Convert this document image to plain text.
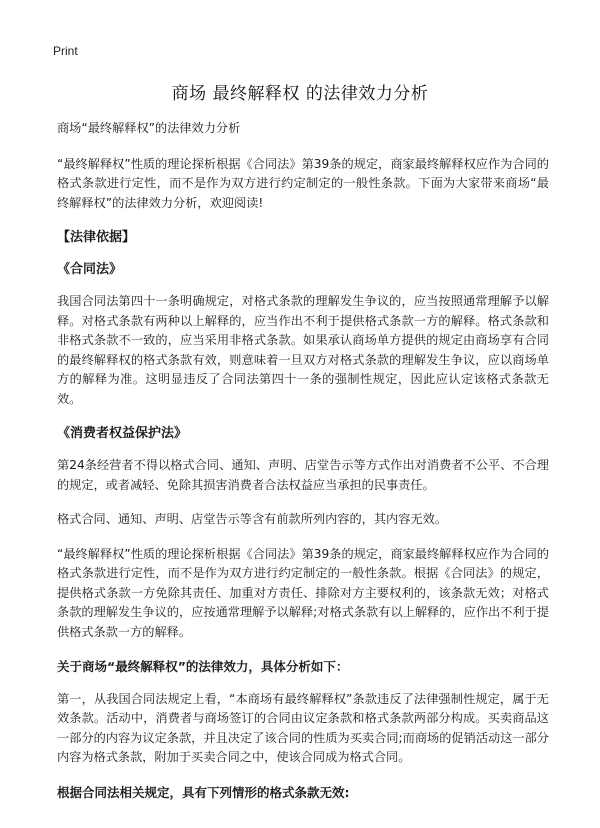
Print
商场 最终解释权 的法律效力分析

商场“最终解释权”的法律效力分析

“最终解释权”性质的理论探析根据《合同法》第39条的规定，商家最终解释权应作为合同的格式条款进行定性，而不是作为双方进行约定制定的一般性条款。下面为大家带来商场“最终解释权”的法律效力分析，欢迎阅读!

【法律依据】
《合同法》

我国合同法第四十一条明确规定，对格式条款的理解发生争议的，应当按照通常理解予以解释。对格式条款有两种以上解释的，应当作出不利于提供格式条款一方的解释。格式条款和非格式条款不一致的，应当采用非格式条款。如果承认商场单方提供的规定由商场享有合同的最终解释权的格式条款有效，则意味着一旦双方对格式条款的理解发生争议，应以商场单方的解释为准。这明显违反了合同法第四十一条的强制性规定，因此应认定该格式条款无效。

《消费者权益保护法》

第24条经营者不得以格式合同、通知、声明、店堂告示等方式作出对消费者不公平、不合理的规定，或者减轻、免除其损害消费者合法权益应当承担的民事责任。

格式合同、通知、声明、店堂告示等含有前款所列内容的，其内容无效。

“最终解释权”性质的理论探析根据《合同法》第39条的规定，商家最终解释权应作为合同的格式条款进行定性，而不是作为双方进行约定制定的一般性条款。根据《合同法》的规定，提供格式条款一方免除其责任、加重对方责任、排除对方主要权利的，该条款无效；对格式条款的理解发生争议的，应按通常理解予以解释;对格式条款有以上解释的，应作出不利于提供格式条款一方的解释。

关于商场“最终解释权”的法律效力，具体分析如下：

第一，从我国合同法规定上看，“本商场有最终解释权”条款违反了法律强制性规定，属于无效条款。活动中，消费者与商场签订的合同由议定条款和格式条款两部分构成。买卖商品这一部分的内容为议定条款，并且决定了该合同的性质为买卖合同;而商场的促销活动这一部分内容为格式条款，附加于买卖合同之中，使该合同成为格式合同。

根据合同法相关规定，具有下列情形的格式条款无效:
